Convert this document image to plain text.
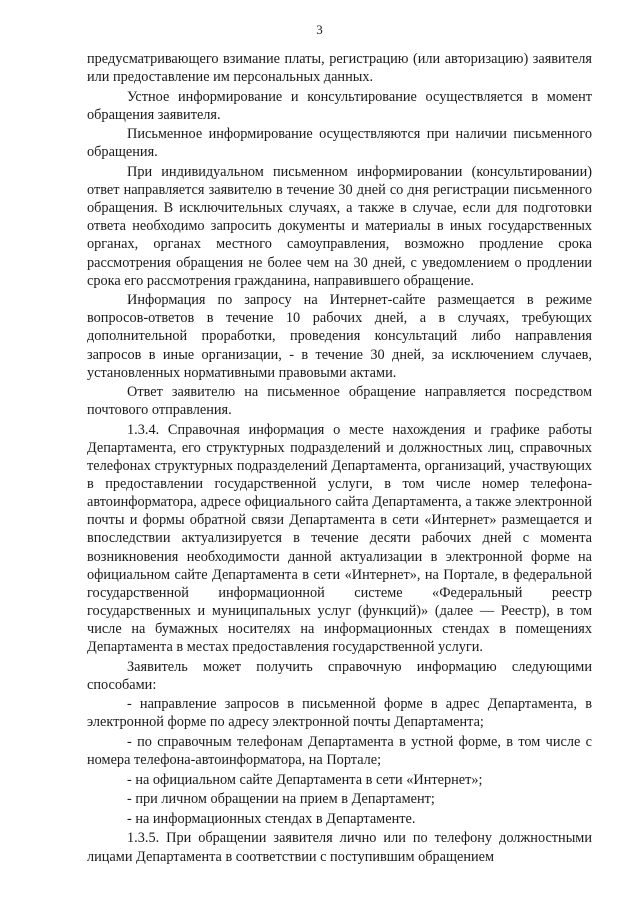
3

предусматривающего взимание платы, регистрацию (или авторизацию) заявителя или предоставление им персональных данных.

Устное информирование и консультирование осуществляется в момент обращения заявителя.

Письменное информирование осуществляются при наличии письменного обращения.

При индивидуальном письменном информировании (консультировании) ответ направляется заявителю в течение 30 дней со дня регистрации письменного обращения. В исключительных случаях, а также в случае, если для подготовки ответа необходимо запросить документы и материалы в иных государственных органах, органах местного самоуправления, возможно продление срока рассмотрения обращения не более чем на 30 дней, с уведомлением о продлении срока его рассмотрения гражданина, направившего обращение.

Информация по запросу на Интернет-сайте размещается в режиме вопросов-ответов в течение 10 рабочих дней, а в случаях, требующих дополнительной проработки, проведения консультаций либо направления запросов в иные организации, - в течение 30 дней, за исключением случаев, установленных нормативными правовыми актами.

Ответ заявителю на письменное обращение направляется посредством почтового отправления.

1.3.4. Справочная информация о месте нахождения и графике работы Департамента, его структурных подразделений и должностных лиц, справочных телефонах структурных подразделений Департамента, организаций, участвующих в предоставлении государственной услуги, в том числе номер телефона-автоинформатора, адресе официального сайта Департамента, а также электронной почты и формы обратной связи Департамента в сети «Интернет» размещается и впоследствии актуализируется в течение десяти рабочих дней с момента возникновения необходимости данной актуализации в электронной форме на официальном сайте Департамента в сети «Интернет», на Портале, в федеральной государственной информационной системе «Федеральный реестр государственных и муниципальных услуг (функций)» (далее — Реестр), в том числе на бумажных носителях на информационных стендах в помещениях Департамента в местах предоставления государственной услуги.

Заявитель может получить справочную информацию следующими способами:

- направление запросов в письменной форме в адрес Департамента, в электронной форме по адресу электронной почты Департамента;

- по справочным телефонам Департамента в устной форме, в том числе с номера телефона-автоинформатора, на Портале;

- на официальном сайте Департамента в сети «Интернет»;

- при личном обращении на прием в Департамент;

- на информационных стендах в Департаменте.

1.3.5. При обращении заявителя лично или по телефону должностными лицами Департамента в соответствии с поступившим обращением
